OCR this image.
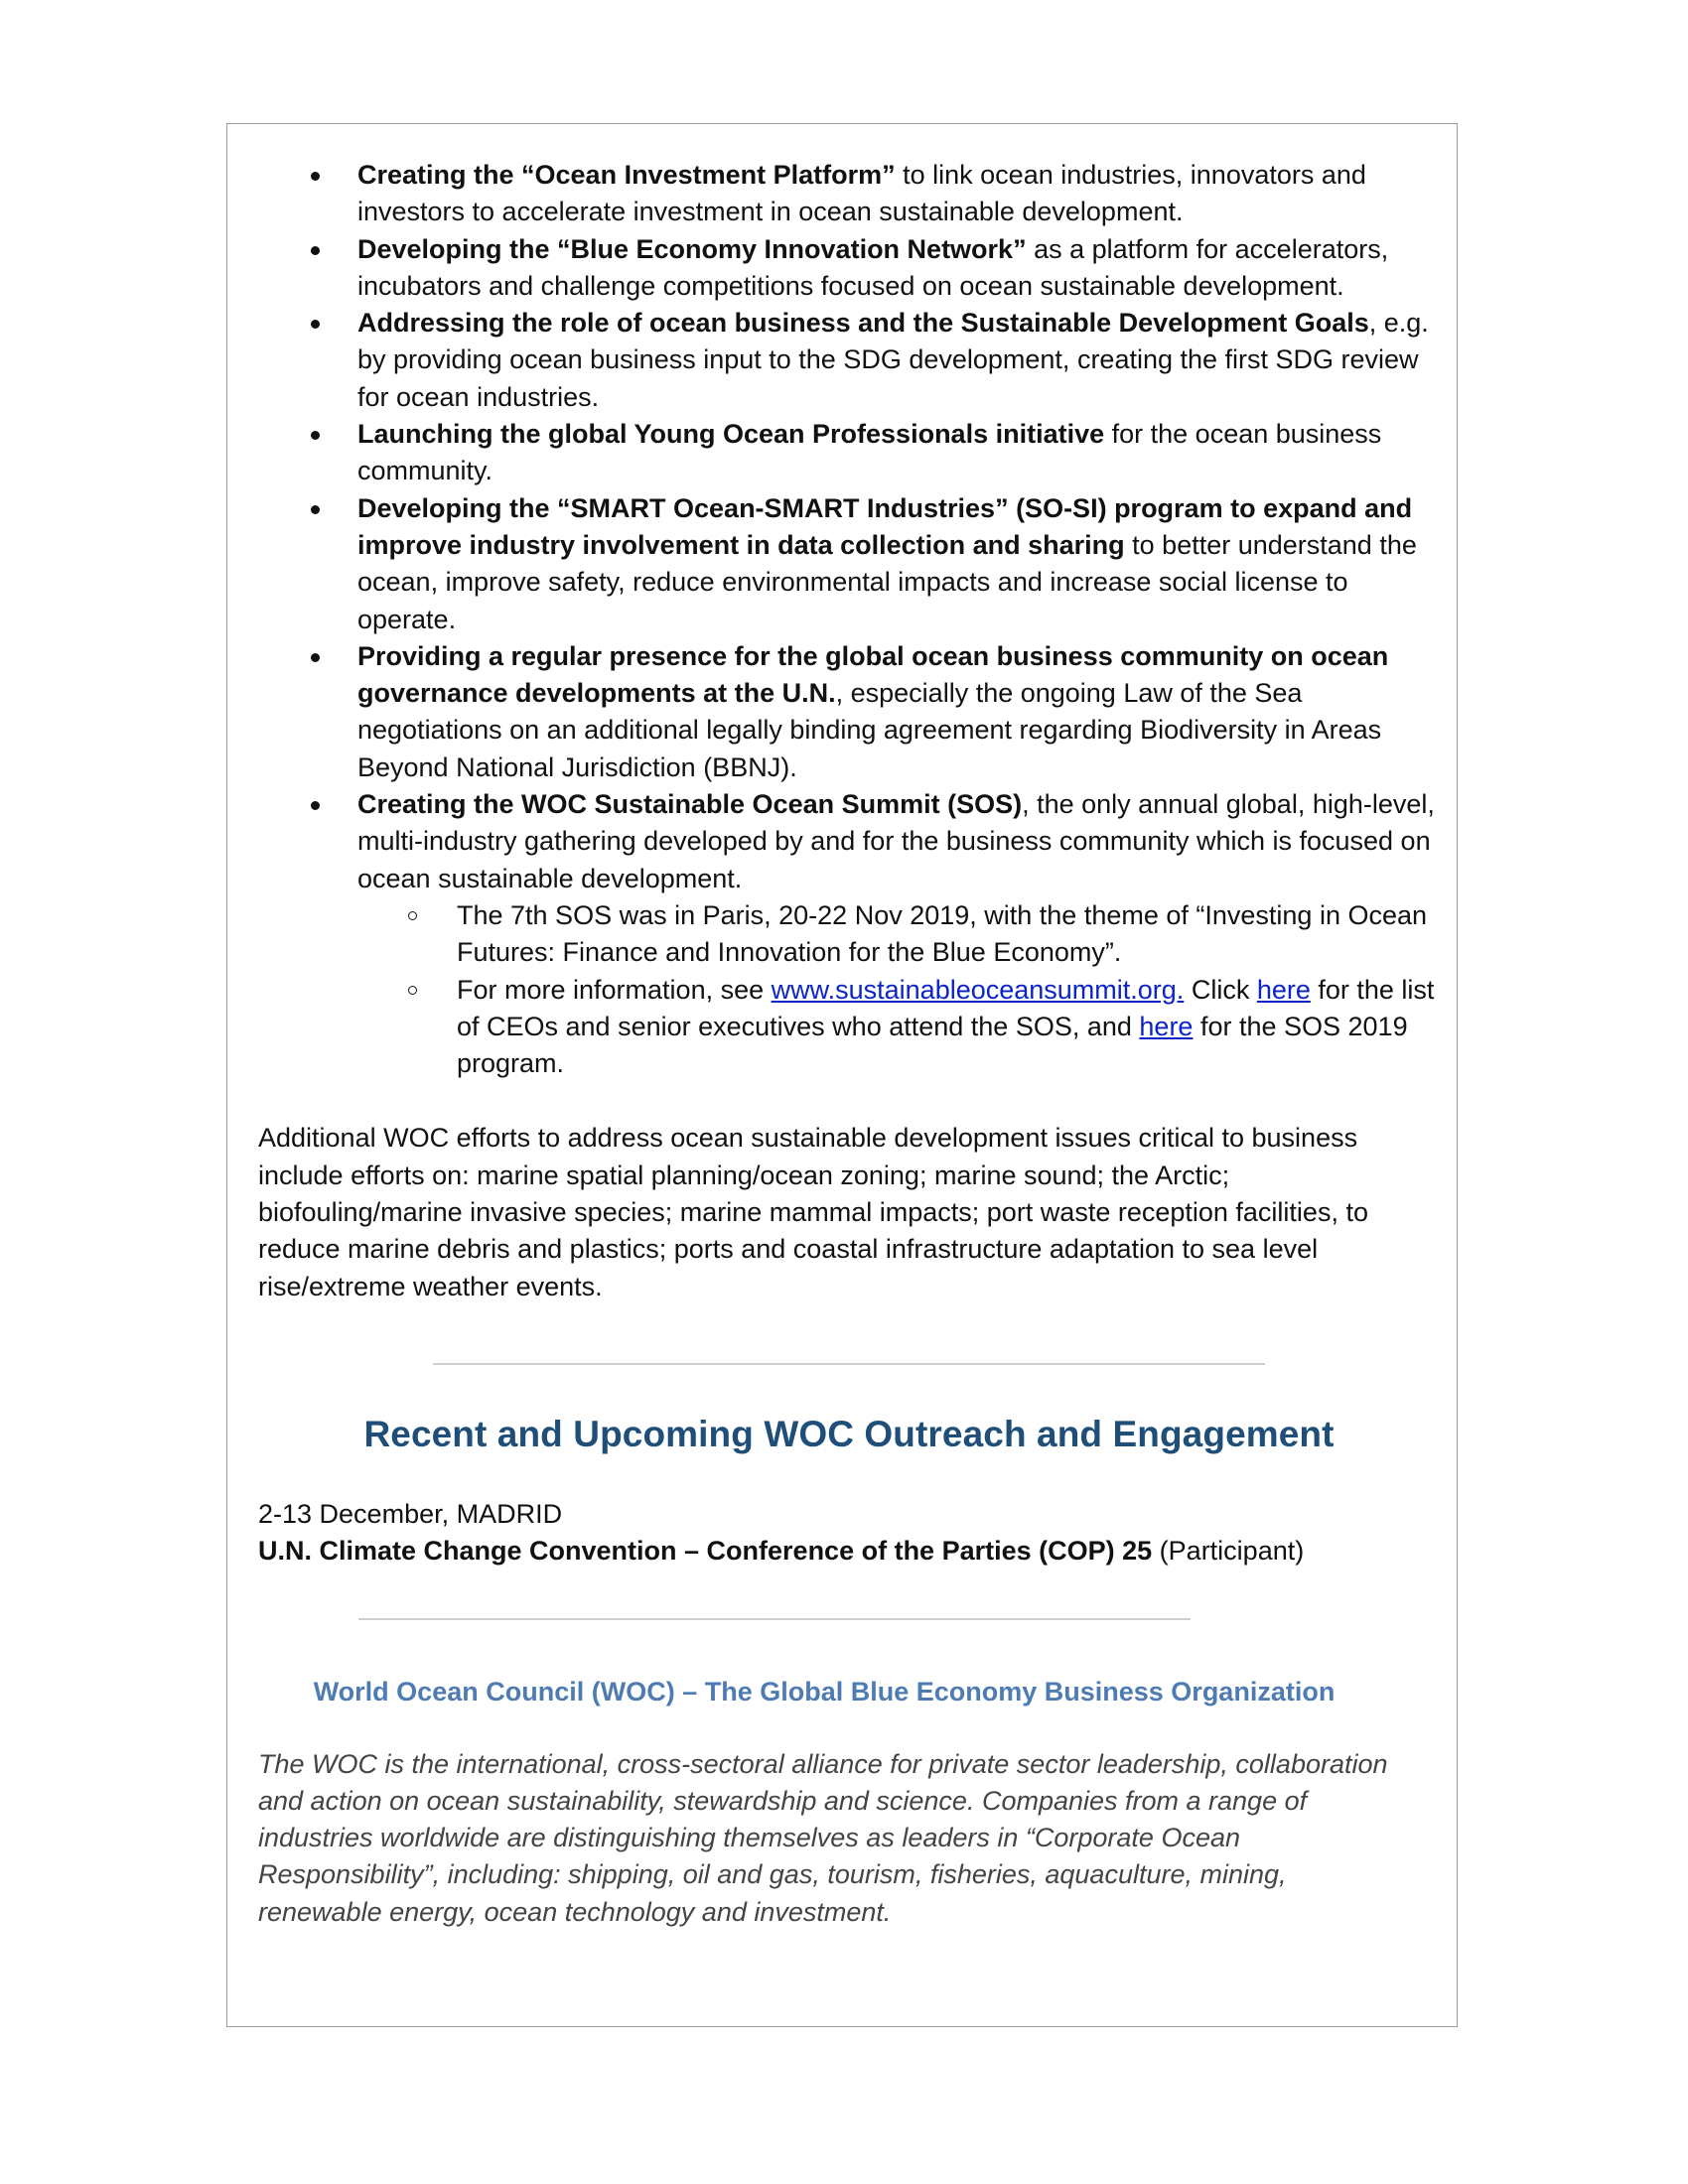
Creating the “Ocean Investment Platform” to link ocean industries, innovators and investors to accelerate investment in ocean sustainable development.
Developing the “Blue Economy Innovation Network” as a platform for accelerators, incubators and challenge competitions focused on ocean sustainable development.
Addressing the role of ocean business and the Sustainable Development Goals, e.g. by providing ocean business input to the SDG development, creating the first SDG review for ocean industries.
Launching the global Young Ocean Professionals initiative for the ocean business community.
Developing the “SMART Ocean-SMART Industries” (SO-SI) program to expand and improve industry involvement in data collection and sharing to better understand the ocean, improve safety, reduce environmental impacts and increase social license to operate.
Providing a regular presence for the global ocean business community on ocean governance developments at the U.N., especially the ongoing Law of the Sea negotiations on an additional legally binding agreement regarding Biodiversity in Areas Beyond National Jurisdiction (BBNJ).
Creating the WOC Sustainable Ocean Summit (SOS), the only annual global, high-level, multi-industry gathering developed by and for the business community which is focused on ocean sustainable development.
The 7th SOS was in Paris, 20-22 Nov 2019, with the theme of “Investing in Ocean Futures: Finance and Innovation for the Blue Economy”.
For more information, see www.sustainableoceansummit.org. Click here for the list of CEOs and senior executives who attend the SOS, and here for the SOS 2019 program.

Additional WOC efforts to address ocean sustainable development issues critical to business include efforts on: marine spatial planning/ocean zoning; marine sound; the Arctic; biofouling/marine invasive species; marine mammal impacts; port waste reception facilities, to reduce marine debris and plastics; ports and coastal infrastructure adaptation to sea level rise/extreme weather events.

Recent and Upcoming WOC Outreach and Engagement
2-13 December, MADRID
U.N. Climate Change Convention – Conference of the Parties (COP) 25 (Participant)
World Ocean Council (WOC) – The Global Blue Economy Business Organization

The WOC is the international, cross-sectoral alliance for private sector leadership, collaboration and action on ocean sustainability, stewardship and science. Companies from a range of industries worldwide are distinguishing themselves as leaders in “Corporate Ocean Responsibility”, including: shipping, oil and gas, tourism, fisheries, aquaculture, mining, renewable energy, ocean technology and investment.
